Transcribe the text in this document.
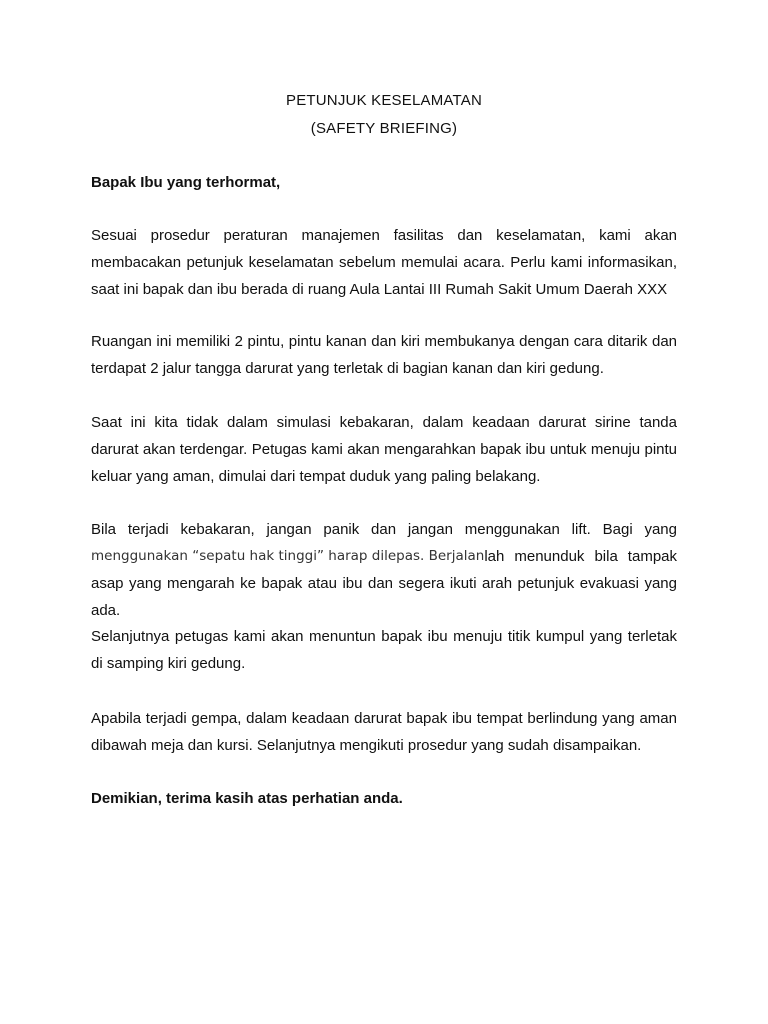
PETUNJUK KESELAMATAN
(SAFETY BRIEFING)
Bapak Ibu yang terhormat,
Sesuai prosedur peraturan manajemen fasilitas dan keselamatan, kami akan
membacakan petunjuk keselamatan sebelum memulai acara. Perlu kami informasikan,
saat ini bapak dan ibu berada di ruang Aula Lantai III Rumah Sakit Umum Daerah XXX
Ruangan ini memiliki 2 pintu, pintu kanan dan kiri membukanya dengan cara ditarik dan
terdapat 2 jalur tangga darurat yang terletak di bagian kanan dan kiri gedung.
Saat ini kita tidak dalam simulasi kebakaran, dalam keadaan darurat sirine tanda
darurat akan terdengar. Petugas kami akan mengarahkan bapak ibu untuk menuju pintu
keluar yang aman, dimulai dari tempat duduk yang paling belakang.
Bila terjadi kebakaran, jangan panik dan jangan menggunakan lift. Bagi yang
menggunakan “sepatu hak tinggi” harap dilepas. Berjalan lah menunduk bila tampak
asap yang mengarah ke bapak atau ibu dan segera ikuti arah petunjuk evakuasi yang
ada.
Selanjutnya petugas kami akan menuntun bapak ibu menuju titik kumpul yang terletak
di samping kiri gedung.
Apabila terjadi gempa, dalam keadaan darurat bapak ibu tempat berlindung yang aman
dibawah meja dan kursi. Selanjutnya mengikuti prosedur yang sudah disampaikan.
Demikian, terima kasih atas perhatian anda.
